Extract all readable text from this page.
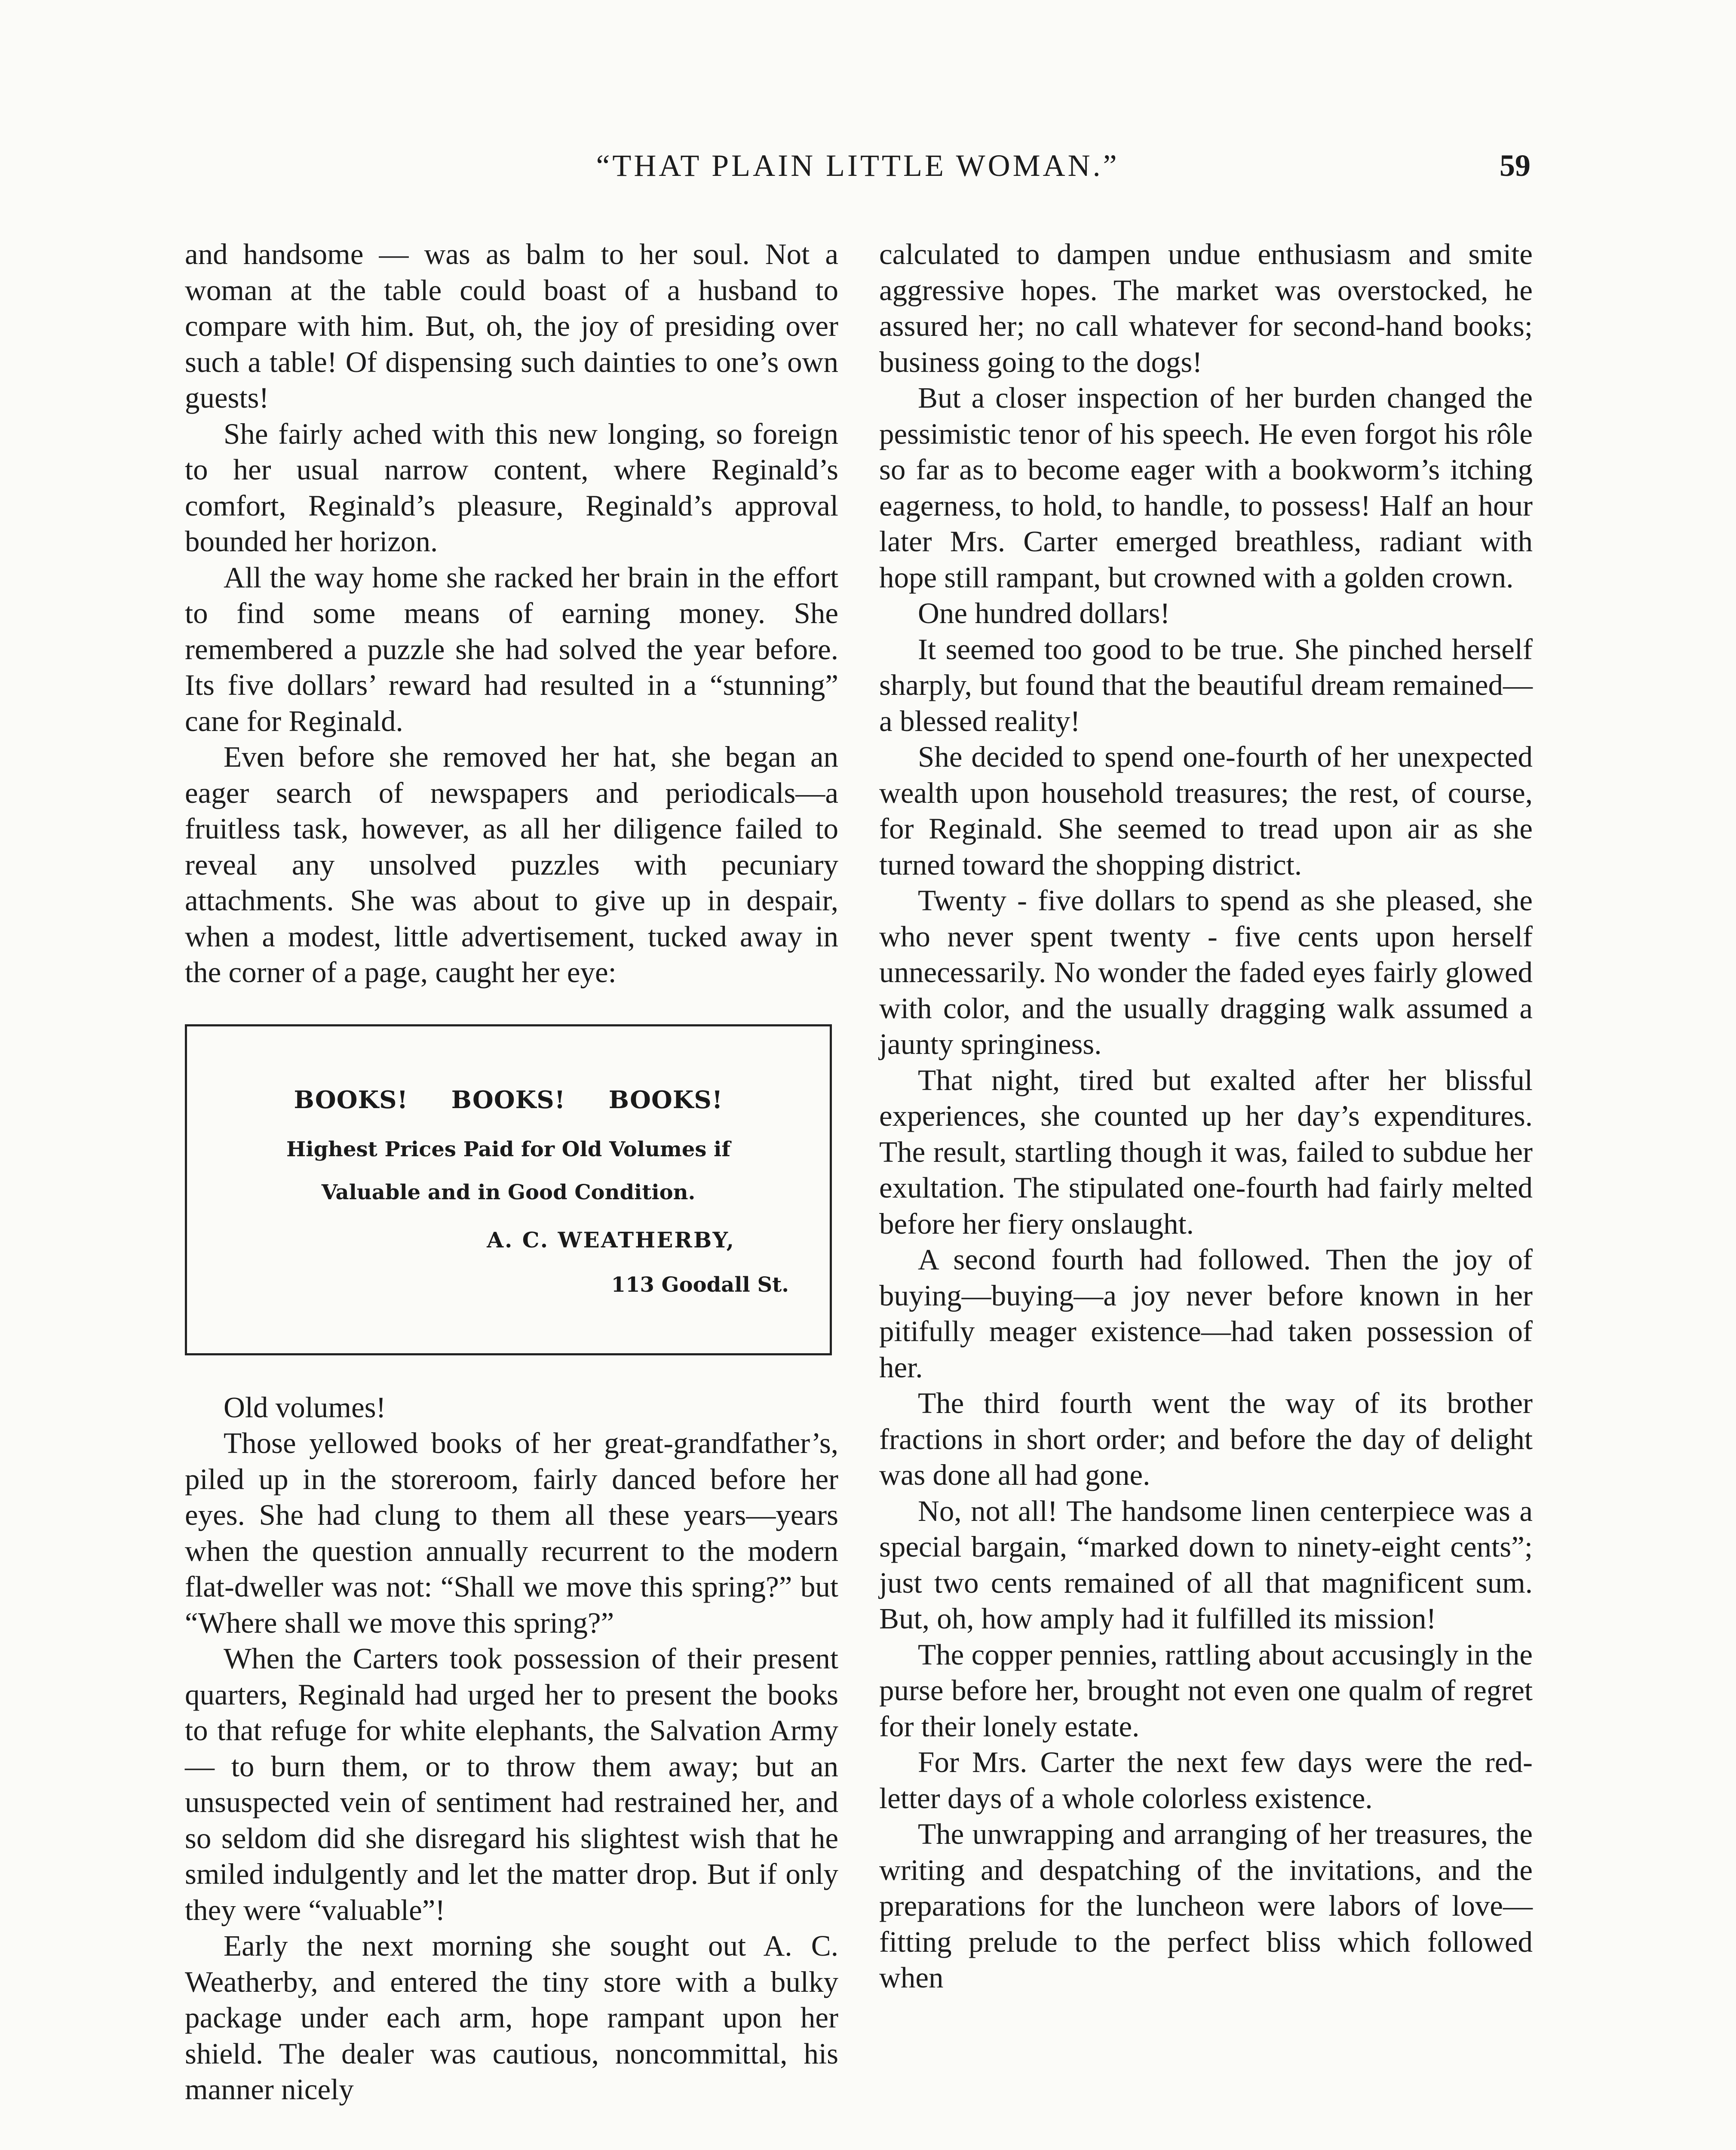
“THAT PLAIN LITTLE WOMAN.”	59

and handsome — was as balm to her soul. Not a woman at the table could boast of a husband to compare with him. But, oh, the joy of presiding over such a table! Of dispensing such dainties to one’s own guests!

She fairly ached with this new longing, so foreign to her usual narrow content, where Reginald’s comfort, Reginald’s pleasure, Reginald’s approval bounded her horizon.

All the way home she racked her brain in the effort to find some means of earning money. She remembered a puzzle she had solved the year before. Its five dollars’ reward had resulted in a “stunning” cane for Reginald.

Even before she removed her hat, she began an eager search of newspapers and periodicals—a fruitless task, however, as all her diligence failed to reveal any unsolved puzzles with pecuniary attachments. She was about to give up in despair, when a modest, little advertisement, tucked away in the corner of a page, caught her eye:

BOOKS! BOOKS! BOOKS!
Highest Prices Paid for Old Volumes if
Valuable and in Good Condition.
A. C. WEATHERBY,
113 Goodall St.

Old volumes!

Those yellowed books of her great-grandfather’s, piled up in the storeroom, fairly danced before her eyes. She had clung to them all these years—years when the question annually recurrent to the modern flat-dweller was not: “Shall we move this spring?” but “Where shall we move this spring?”

When the Carters took possession of their present quarters, Reginald had urged her to present the books to that refuge for white elephants, the Salvation Army — to burn them, or to throw them away; but an unsuspected vein of sentiment had restrained her, and so seldom did she disregard his slightest wish that he smiled indulgently and let the matter drop. But if only they were “valuable”!

Early the next morning she sought out A. C. Weatherby, and entered the tiny store with a bulky package under each arm, hope rampant upon her shield. The dealer was cautious, noncommittal, his manner nicely

calculated to dampen undue enthusiasm and smite aggressive hopes. The market was overstocked, he assured her; no call whatever for second-hand books; business going to the dogs!

But a closer inspection of her burden changed the pessimistic tenor of his speech. He even forgot his rôle so far as to become eager with a bookworm’s itching eagerness, to hold, to handle, to possess! Half an hour later Mrs. Carter emerged breathless, radiant with hope still rampant, but crowned with a golden crown.

One hundred dollars!

It seemed too good to be true. She pinched herself sharply, but found that the beautiful dream remained—a blessed reality!

She decided to spend one-fourth of her unexpected wealth upon household treasures; the rest, of course, for Reginald. She seemed to tread upon air as she turned toward the shopping district.

Twenty - five dollars to spend as she pleased, she who never spent twenty - five cents upon herself unnecessarily. No wonder the faded eyes fairly glowed with color, and the usually dragging walk assumed a jaunty springiness.

That night, tired but exalted after her blissful experiences, she counted up her day’s expenditures. The result, startling though it was, failed to subdue her exultation. The stipulated one-fourth had fairly melted before her fiery onslaught.

A second fourth had followed. Then the joy of buying—buying—a joy never before known in her pitifully meager existence—had taken possession of her.

The third fourth went the way of its brother fractions in short order; and before the day of delight was done all had gone.

No, not all! The handsome linen centerpiece was a special bargain, “marked down to ninety-eight cents”; just two cents remained of all that magnificent sum. But, oh, how amply had it fulfilled its mission!

The copper pennies, rattling about accusingly in the purse before her, brought not even one qualm of regret for their lonely estate.

For Mrs. Carter the next few days were the red-letter days of a whole colorless existence.

The unwrapping and arranging of her treasures, the writing and despatching of the invitations, and the preparations for the luncheon were labors of love—fitting prelude to the perfect bliss which followed when
